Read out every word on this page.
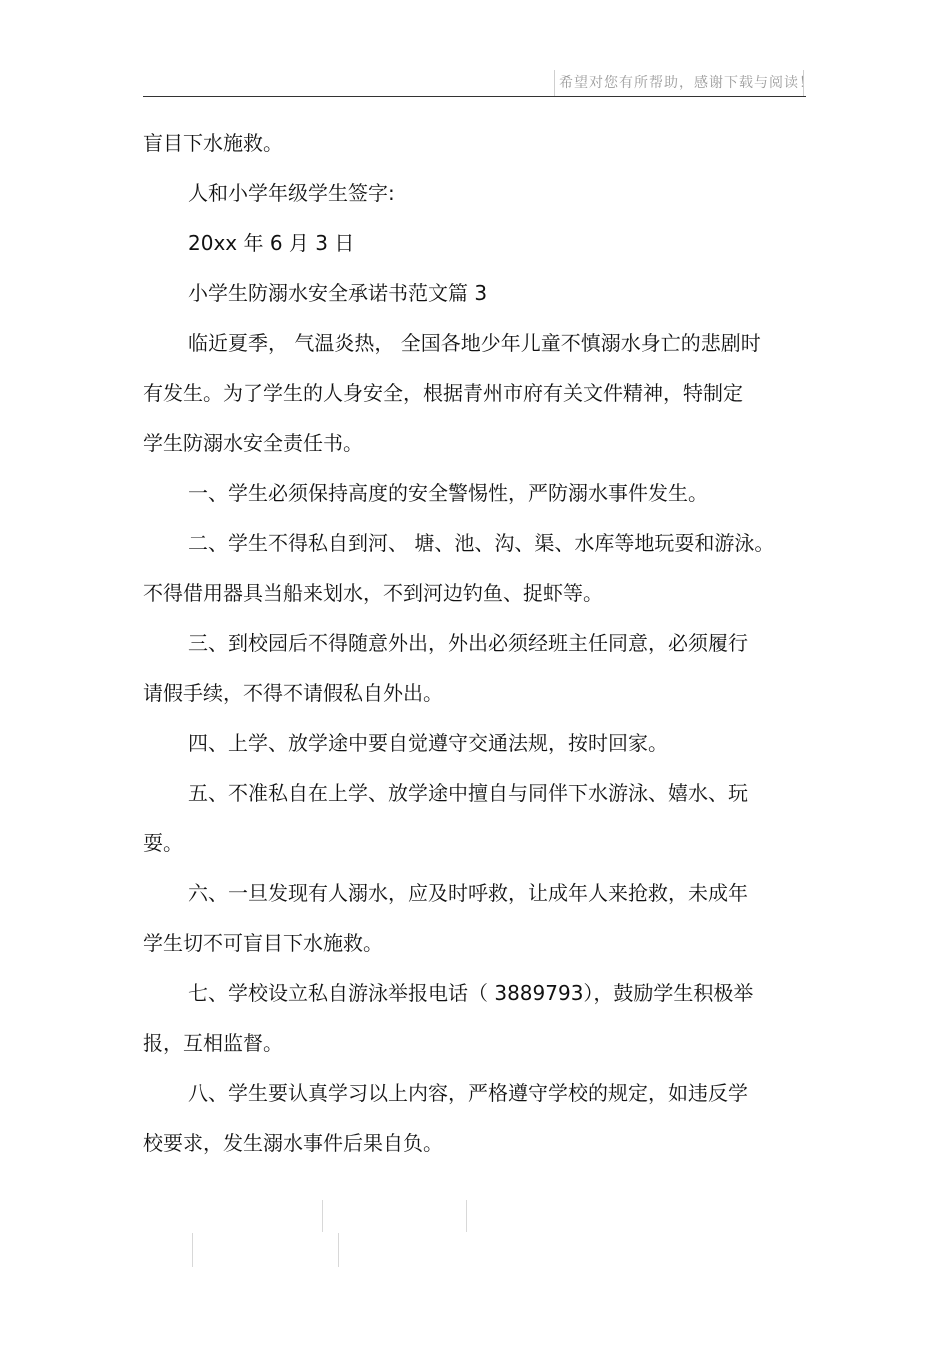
希望对您有所帮助，感谢下载与阅读！
盲目下水施救。
人和小学年级学生签字:
20xx 年 6 月 3 日
小学生防溺水安全承诺书范文篇 3
临近夏季， 气温炎热， 全国各地少年儿童不慎溺水身亡的悲剧时
有发生。为了学生的人身安全，根据青州市府有关文件精神，特制定
学生防溺水安全责任书。
一、学生必须保持高度的安全警惕性，严防溺水事件发生。
二、学生不得私自到河、 塘、池、沟、渠、水库等地玩耍和游泳。
不得借用器具当船来划水，不到河边钓鱼、捉虾等。
三、到校园后不得随意外出，外出必须经班主任同意，必须履行
请假手续，不得不请假私自外出。
四、上学、放学途中要自觉遵守交通法规，按时回家。
五、不准私自在上学、放学途中擅自与同伴下水游泳、嬉水、玩
耍。
六、一旦发现有人溺水，应及时呼救，让成年人来抢救，未成年
学生切不可盲目下水施救。
七、学校设立私自游泳举报电话（ 3889793），鼓励学生积极举
报，互相监督。
八、学生要认真学习以上内容，严格遵守学校的规定，如违反学
校要求，发生溺水事件后果自负。
